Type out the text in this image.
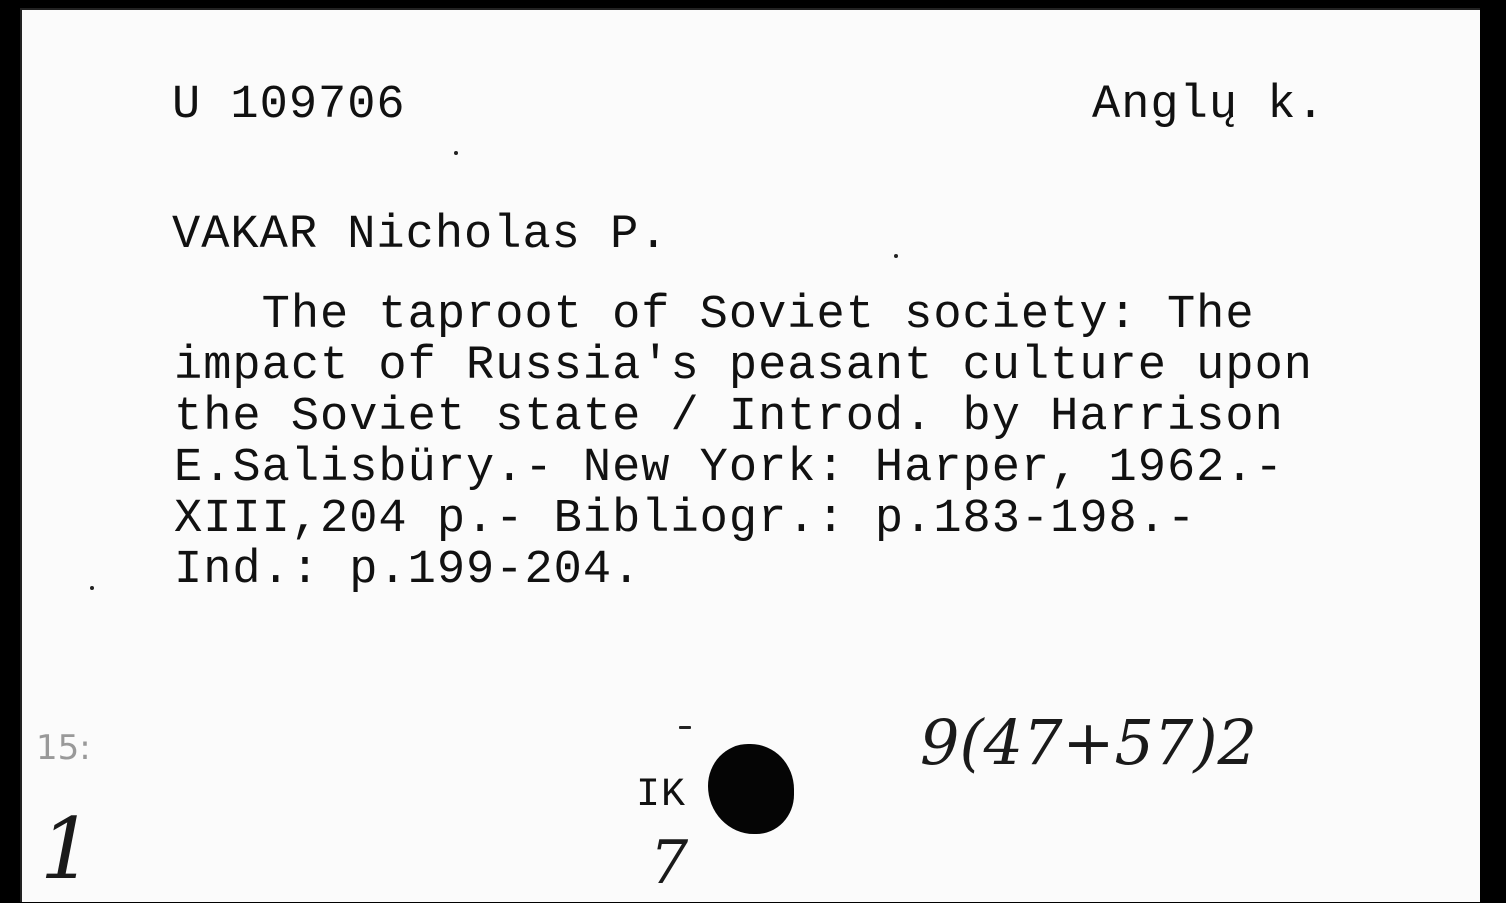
U 109706	Anglų k.
VAKAR Nicholas P.
The taproot of Soviet society: The
impact of Russia's peasant culture upon
the Soviet state / Introd. by Harrison
E.Salisbüry.- New York: Harper, 1962.-
XIII,204 p.- Bibliogr.: p.183-198.-
Ind.: p.199-204.
15:
1
IK
7
9(47+57)2
